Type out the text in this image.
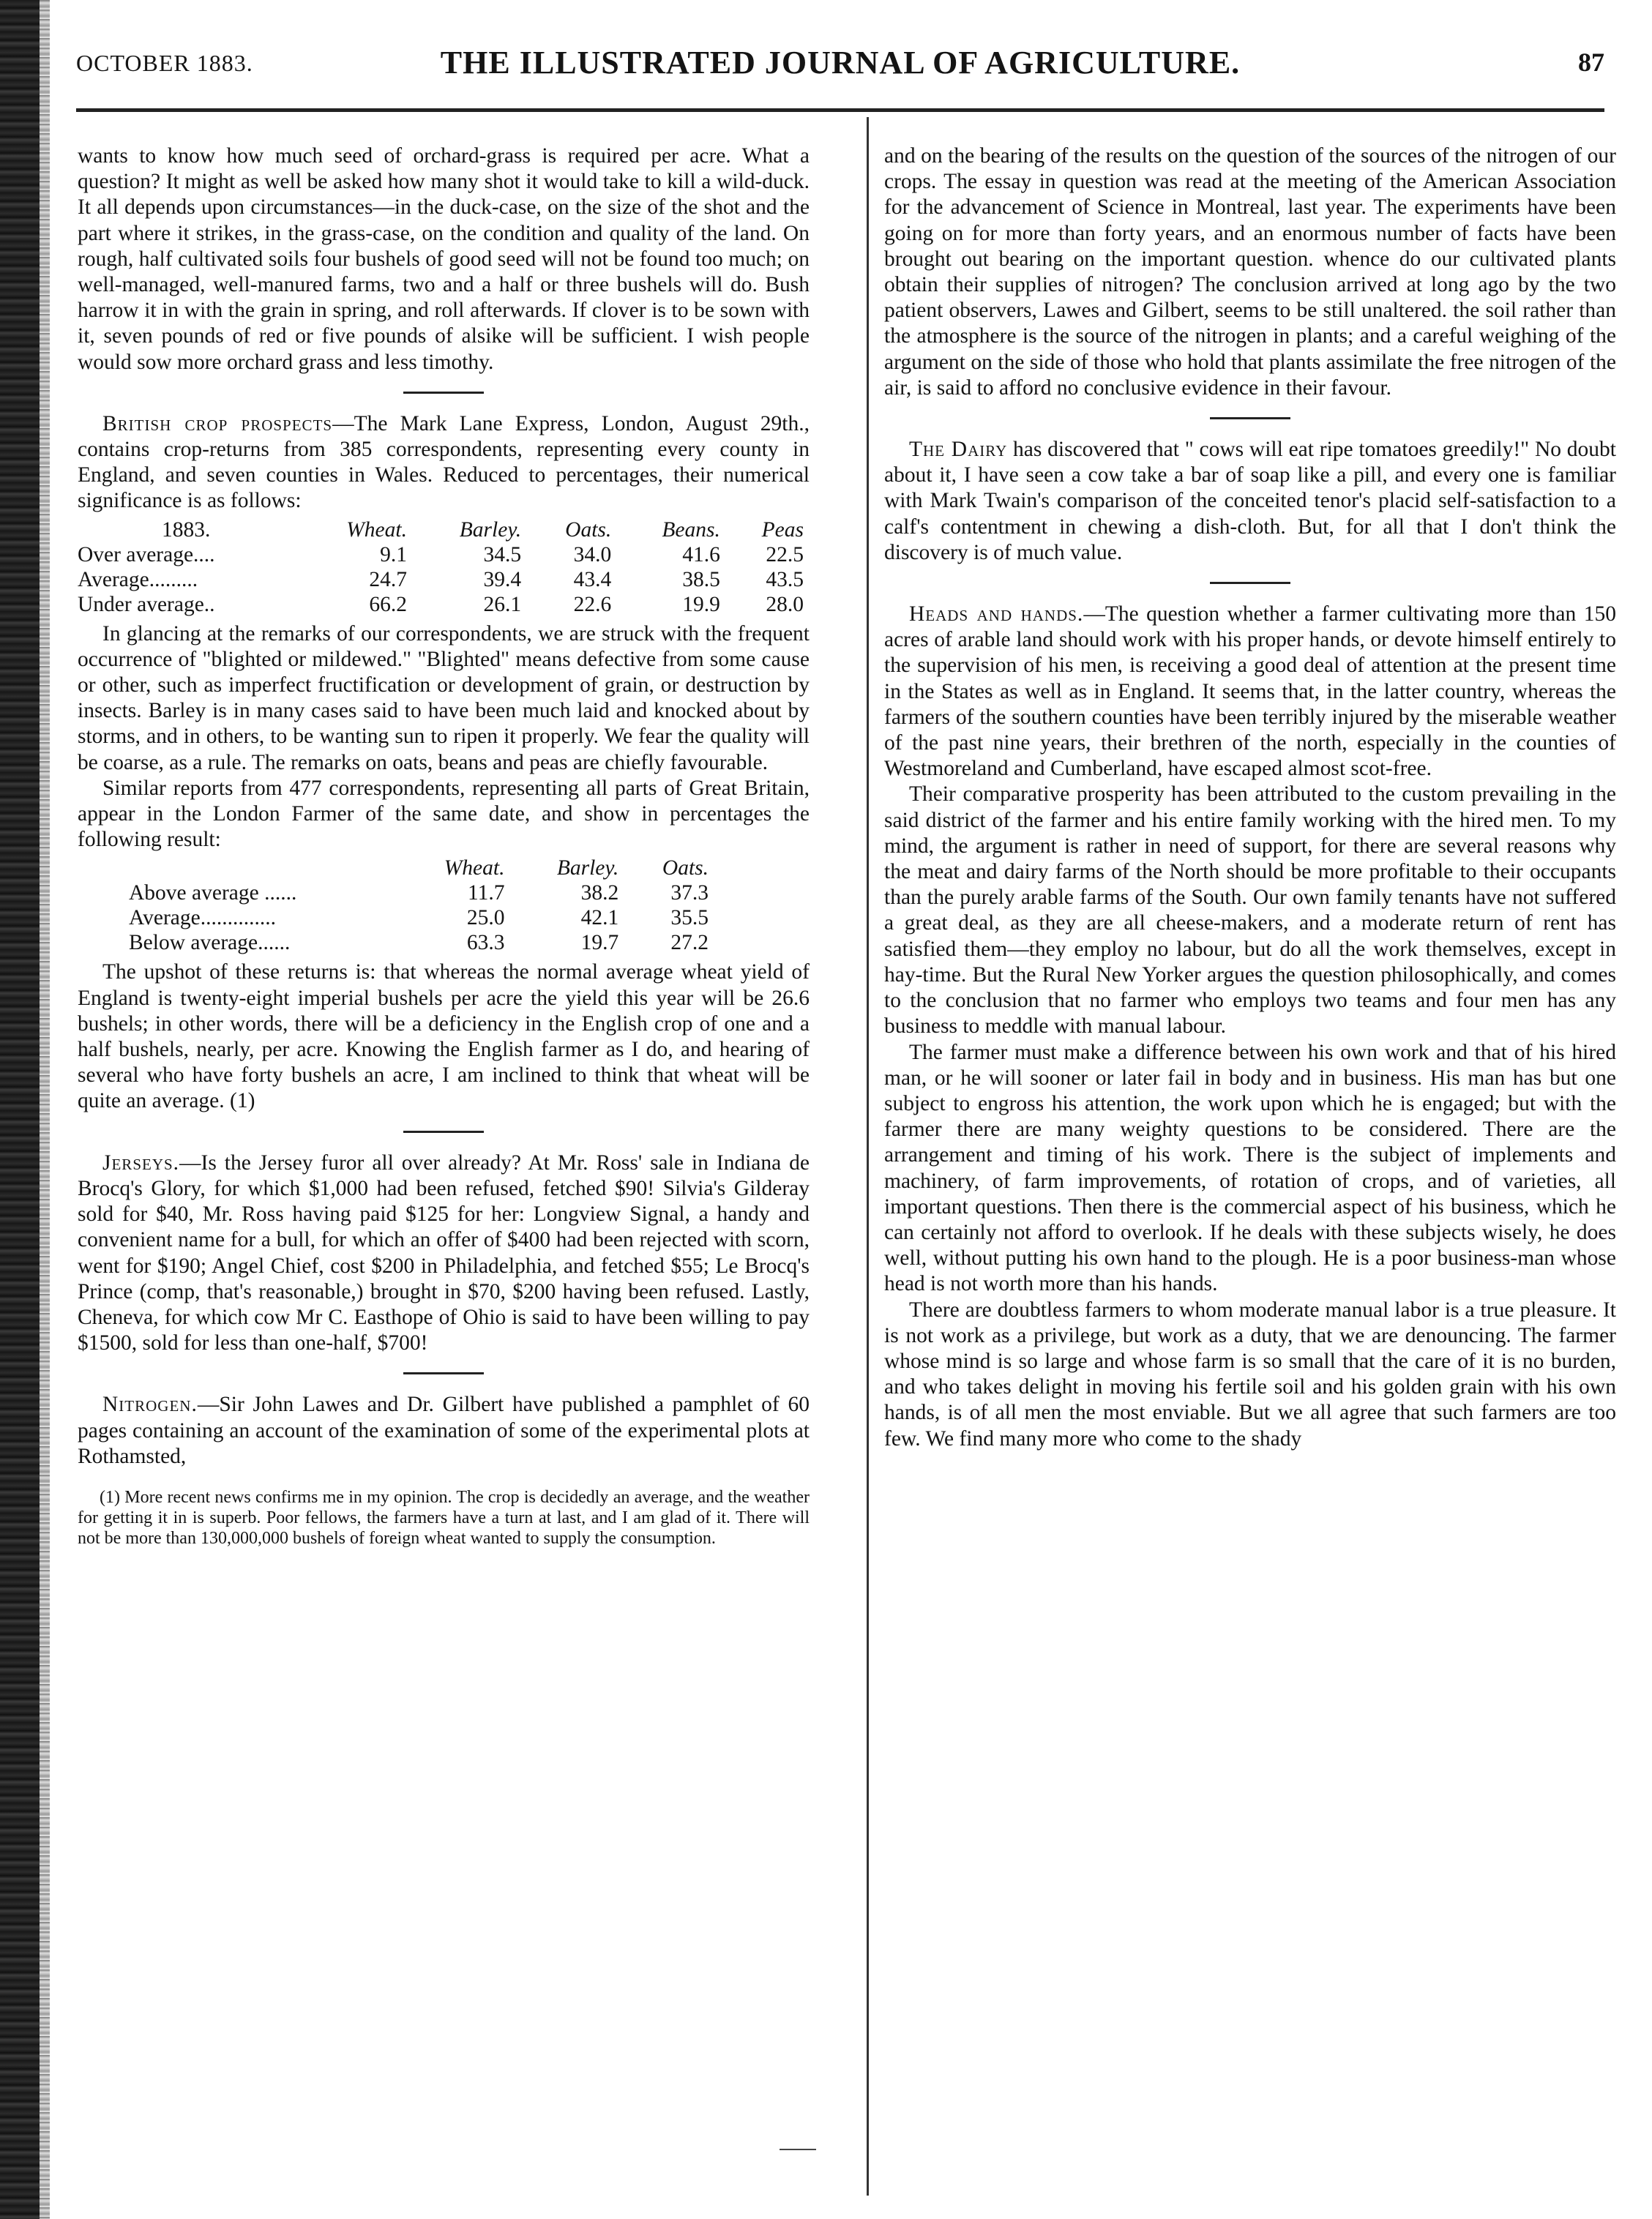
OCTOBER 1883.	THE ILLUSTRATED JOURNAL OF AGRICULTURE.	87

wants to know how much seed of orchard-grass is required per acre. What a question? It might as well be asked how many shot it would take to kill a wild-duck. It all depends upon circumstances—in the duck-case, on the size of the shot and the part where it strikes, in the grass-case, on the condition and quality of the land. On rough, half cultivated soils four bushels of good seed will not be found too much; on well-managed, well-manured farms, two and a half or three bushels will do. Bush harrow it in with the grain in spring, and roll afterwards. If clover is to be sown with it, seven pounds of red or five pounds of alsike will be sufficient. I wish people would sow more orchard grass and less timothy.

British crop prospects—The Mark Lane Express, London, August 29th., contains crop-returns from 385 correspondents, representing every county in England, and seven counties in Wales. Reduced to percentages, their numerical significance is as follows:

1883.	Wheat.	Barley.	Oats.	Beans.	Peas
Over average....	9.1	34.5	34.0	41.6	22.5
Average.........	24.7	39.4	43.4	38.5	43.5
Under average..	66.2	26.1	22.6	19.9	28.0

In glancing at the remarks of our correspondents, we are struck with the frequent occurrence of "blighted or mildewed." "Blighted" means defective from some cause or other, such as imperfect fructification or development of grain, or destruction by insects. Barley is in many cases said to have been much laid and knocked about by storms, and in others, to be wanting sun to ripen it properly. We fear the quality will be coarse, as a rule. The remarks on oats, beans and peas are chiefly favourable.

Similar reports from 477 correspondents, representing all parts of Great Britain, appear in the London Farmer of the same date, and show in percentages the following result:

	Wheat.	Barley.	Oats.
Above average ......	11.7	38.2	37.3
Average..............	25.0	42.1	35.5
Below average......	63.3	19.7	27.2

The upshot of these returns is: that whereas the normal average wheat yield of England is twenty-eight imperial bushels per acre the yield this year will be 26.6 bushels; in other words, there will be a deficiency in the English crop of one and a half bushels, nearly, per acre. Knowing the English farmer as I do, and hearing of several who have forty bushels an acre, I am inclined to think that wheat will be quite an average. (1)

Jerseys.—Is the Jersey furor all over already? At Mr. Ross' sale in Indiana de Brocq's Glory, for which $1,000 had been refused, fetched $90! Silvia's Gilderay sold for $40, Mr. Ross having paid $125 for her: Longview Signal, a handy and convenient name for a bull, for which an offer of $400 had been rejected with scorn, went for $190; Angel Chief, cost $200 in Philadelphia, and fetched $55; Le Brocq's Prince (comp, that's reasonable,) brought in $70, $200 having been refused. Lastly, Cheneva, for which cow Mr C. Easthope of Ohio is said to have been willing to pay $1500, sold for less than one-half, $700!

Nitrogen.—Sir John Lawes and Dr. Gilbert have published a pamphlet of 60 pages containing an account of the examination of some of the experimental plots at Rothamsted,

(1) More recent news confirms me in my opinion. The crop is decidedly an average, and the weather for getting it in is superb. Poor fellows, the farmers have a turn at last, and I am glad of it. There will not be more than 130,000,000 bushels of foreign wheat wanted to supply the consumption.

and on the bearing of the results on the question of the sources of the nitrogen of our crops. The essay in question was read at the meeting of the American Association for the advancement of Science in Montreal, last year. The experiments have been going on for more than forty years, and an enormous number of facts have been brought out bearing on the important question. whence do our cultivated plants obtain their supplies of nitrogen? The conclusion arrived at long ago by the two patient observers, Lawes and Gilbert, seems to be still unaltered. the soil rather than the atmosphere is the source of the nitrogen in plants; and a careful weighing of the argument on the side of those who hold that plants assimilate the free nitrogen of the air, is said to afford no conclusive evidence in their favour.

The Dairy has discovered that " cows will eat ripe tomatoes greedily!" No doubt about it, I have seen a cow take a bar of soap like a pill, and every one is familiar with Mark Twain's comparison of the conceited tenor's placid self-satisfaction to a calf's contentment in chewing a dish-cloth. But, for all that I don't think the discovery is of much value.

Heads and hands.—The question whether a farmer cultivating more than 150 acres of arable land should work with his proper hands, or devote himself entirely to the supervision of his men, is receiving a good deal of attention at the present time in the States as well as in England. It seems that, in the latter country, whereas the farmers of the southern counties have been terribly injured by the miserable weather of the past nine years, their brethren of the north, especially in the counties of Westmoreland and Cumberland, have escaped almost scot-free.

Their comparative prosperity has been attributed to the custom prevailing in the said district of the farmer and his entire family working with the hired men. To my mind, the argument is rather in need of support, for there are several reasons why the meat and dairy farms of the North should be more profitable to their occupants than the purely arable farms of the South. Our own family tenants have not suffered a great deal, as they are all cheese-makers, and a moderate return of rent has satisfied them—they employ no labour, but do all the work themselves, except in hay-time. But the Rural New Yorker argues the question philosophically, and comes to the conclusion that no farmer who employs two teams and four men has any business to meddle with manual labour.

The farmer must make a difference between his own work and that of his hired man, or he will sooner or later fail in body and in business. His man has but one subject to engross his attention, the work upon which he is engaged; but with the farmer there are many weighty questions to be considered. There are the arrangement and timing of his work. There is the subject of implements and machinery, of farm improvements, of rotation of crops, and of varieties, all important questions. Then there is the commercial aspect of his business, which he can certainly not afford to overlook. If he deals with these subjects wisely, he does well, without putting his own hand to the plough. He is a poor business-man whose head is not worth more than his hands.

There are doubtless farmers to whom moderate manual labor is a true pleasure. It is not work as a privilege, but work as a duty, that we are denouncing. The farmer whose mind is so large and whose farm is so small that the care of it is no burden, and who takes delight in moving his fertile soil and his golden grain with his own hands, is of all men the most enviable. But we all agree that such farmers are too few. We find many more who come to the shady
